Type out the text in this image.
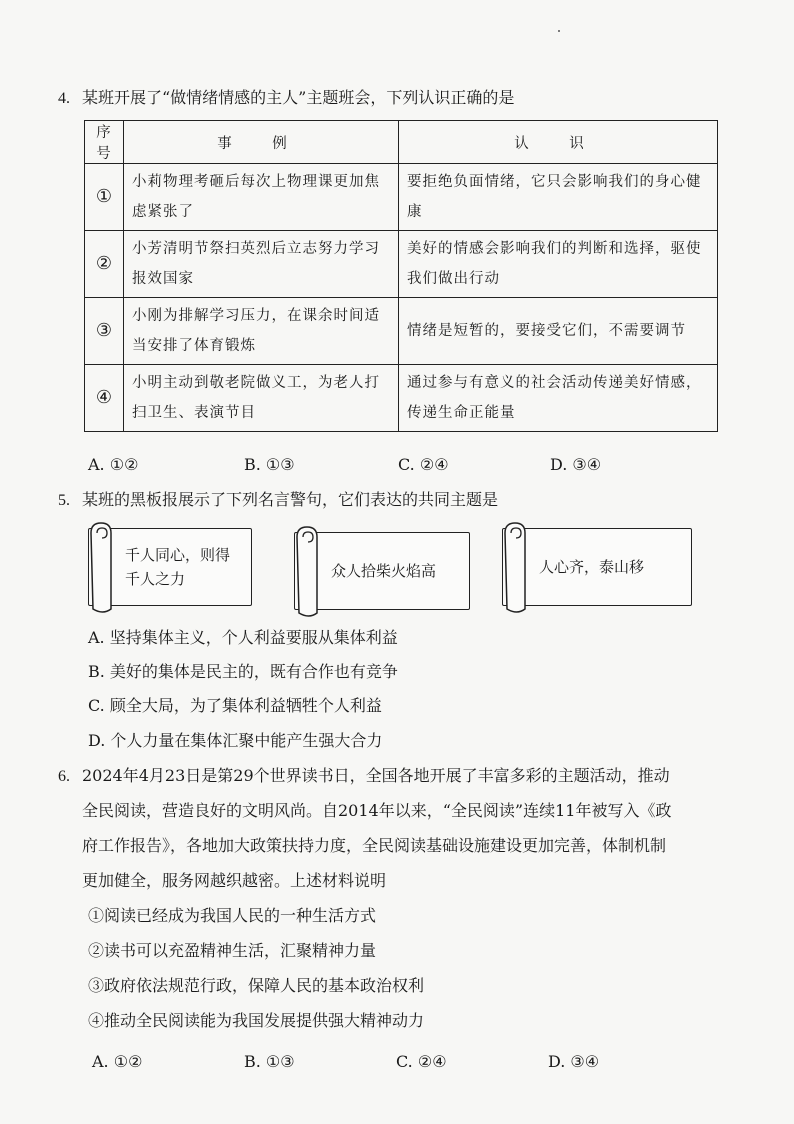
4. 某班开展了“做情绪情感的主人”主题班会，下列认识正确的是
序号	事 例	认 识
①	小莉物理考砸后每次上物理课更加焦虑紧张了	要拒绝负面情绪，它只会影响我们的身心健康
②	小芳清明节祭扫英烈后立志努力学习报效国家	美好的情感会影响我们的判断和选择，驱使我们做出行动
③	小刚为排解学习压力，在课余时间适当安排了体育锻炼	情绪是短暂的，要接受它们，不需要调节
④	小明主动到敬老院做义工，为老人打扫卫生、表演节目	通过参与有意义的社会活动传递美好情感，传递生命正能量
A. ①②	B. ①③	C. ②④	D. ③④
5. 某班的黑板报展示了下列名言警句，它们表达的共同主题是
千人同心，则得千人之力	众人拾柴火焰高	人心齐，泰山移
A. 坚持集体主义，个人利益要服从集体利益
B. 美好的集体是民主的，既有合作也有竞争
C. 顾全大局，为了集体利益牺牲个人利益
D. 个人力量在集体汇聚中能产生强大合力
6. 2024年4月23日是第29个世界读书日，全国各地开展了丰富多彩的主题活动，推动
全民阅读，营造良好的文明风尚。自2014年以来，“全民阅读”连续11年被写入《政
府工作报告》，各地加大政策扶持力度，全民阅读基础设施建设更加完善，体制机制
更加健全，服务网越织越密。上述材料说明
①阅读已经成为我国人民的一种生活方式
②读书可以充盈精神生活，汇聚精神力量
③政府依法规范行政，保障人民的基本政治权利
④推动全民阅读能为我国发展提供强大精神动力
A. ①②	B. ①③	C. ②④	D. ③④
